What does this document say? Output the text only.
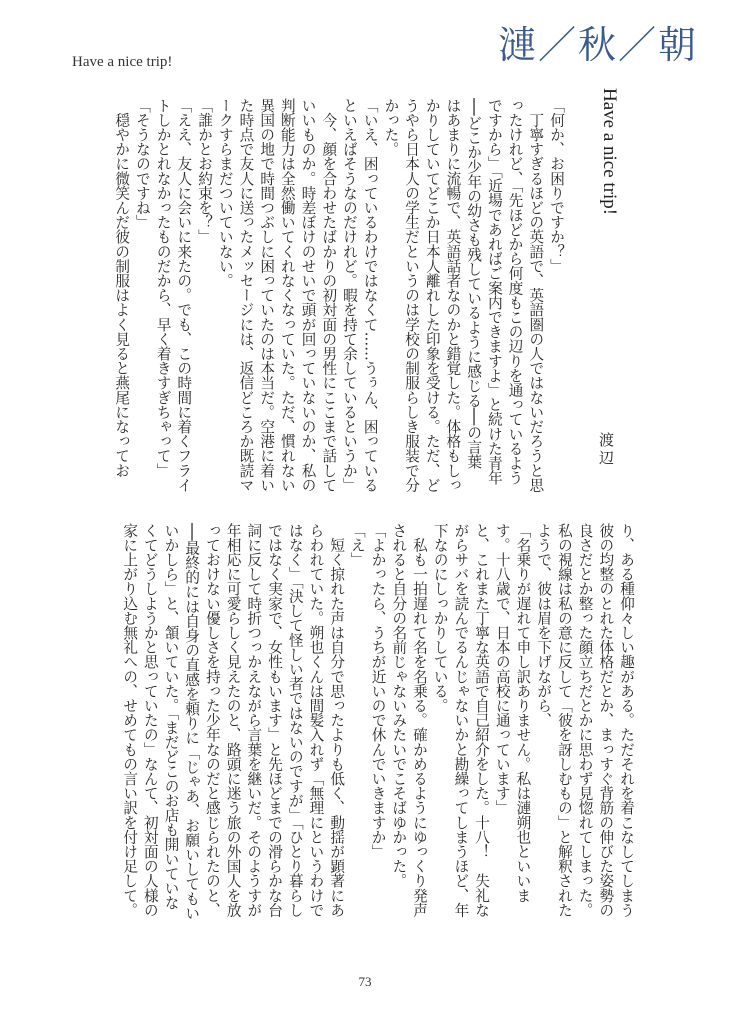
漣／秋／朝
Have a nice trip!
Have a nice trip!
渡辺
「何か、お困りですか？」
　丁寧すぎるほどの英語で、英語圏の人ではないだろうと思
ったけれど、「先ほどから何度もこの辺りを通っているよう
ですから」「近場であればご案内できますよ」と続けた青年
──どこか少年の幼さも残しているように感じる──の言葉
はあまりに流暢で、英語話者なのかと錯覚した。体格もしっ
かりしていてどこか日本人離れした印象を受ける。ただ、ど
うやら日本人の学生だというのは学校の制服らしき服装で分
かった。
「いえ、困っているわけではなくて……うぅん、困っている
といえばそうなのだけれど。暇を持て余しているというか」
　今、顔を合わせたばかりの初対面の男性にここまで話して
いいものか。時差ぼけのせいで頭が回っていないのか、私の
判断能力は全然働いてくれなくなっていた。ただ、慣れない
異国の地で時間つぶしに困っていたのは本当だ。空港に着い
た時点で友人に送ったメッセージには、返信どころか既読マ
ークすらまだついていない。
「誰かとお約束を？」
「ええ、友人に会いに来たの。でも、この時間に着くフライ
トしかとれなかったものだから、早く着きすぎちゃって」
「そうなのですね」
　穏やかに微笑んだ彼の制服はよく見ると燕尾になってお
り、ある種仰々しい趣がある。ただそれを着こなしてしまう
彼の均整のとれた体格だとか、まっすぐ背筋の伸びた姿勢の
良さだとか整った顔立ちだとかに思わず見惚れてしまった。
私の視線は私の意に反して「彼を訝しむもの」と解釈された
ようで、彼は眉を下げながら、
「名乗りが遅れて申し訳ありません。私は漣朔也といいま
す。十八歳で、日本の高校に通っています」
と、これまた丁寧な英語で自己紹介をした。十八！　失礼な
がらサバを読んでるんじゃないかと勘繰ってしまうほど、年
下なのにしっかりしている。
　私も一拍遅れて名を名乗る。確かめるようにゆっくり発声
されると自分の名前じゃないみたいでこそばゆかった。
「よかったら、うちが近いので休んでいきますか」
「え」
　短く掠れた声は自分で思ったよりも低く、動揺が顕著にあ
らわれていた。朔也くんは間髪入れず「無理にというわけで
はなく」「決して怪しい者ではないのですが」「ひとり暮らし
ではなく実家で、女性もいます」と先ほどまでの滑らかな台
詞に反して時折つっかえながら言葉を継いだ。そのようすが
年相応に可愛らしく見えたのと、路頭に迷う旅の外国人を放
っておけない優しさを持った少年なのだと感じられたのと、
──最終的には自身の直感を頼りに「じゃあ、お願いしてもい
いかしら」と、頷いていた。「まだどこのお店も開いていな
くてどうしようかと思っていたの」なんて、初対面の人様の
家に上がり込む無礼への、せめてもの言い訳を付け足して。
73
